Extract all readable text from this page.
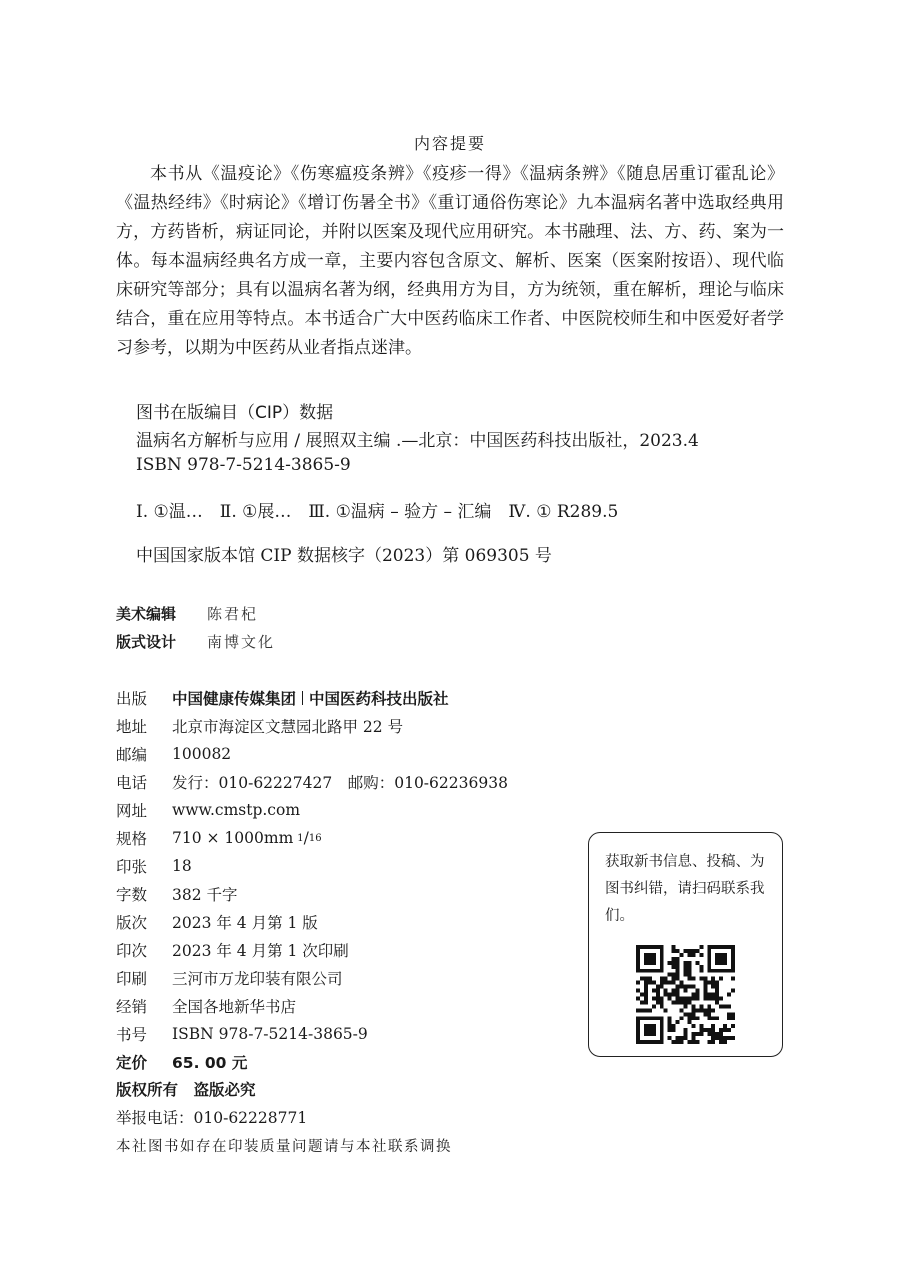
内容提要
本书从《温疫论》《伤寒瘟疫条辨》《疫疹一得》《温病条辨》《随息居重订霍乱论》《温热经纬》《时病论》《增订伤暑全书》《重订通俗伤寒论》九本温病名著中选取经典用方，方药皆析，病证同论，并附以医案及现代应用研究。本书融理、法、方、药、案为一体。每本温病经典名方成一章，主要内容包含原文、解析、医案（医案附按语）、现代临床研究等部分；具有以温病名著为纲，经典用方为目，方为统领，重在解析，理论与临床结合，重在应用等特点。本书适合广大中医药临床工作者、中医院校师生和中医爱好者学习参考，以期为中医药从业者指点迷津。
图书在版编目（CIP）数据
温病名方解析与应用 / 展照双主编 .—北京：中国医药科技出版社，2023.4
ISBN 978-7-5214-3865-9
Ⅰ. ①温…　Ⅱ. ①展…　Ⅲ. ①温病 – 验方 – 汇编　Ⅳ. ① R289.5
中国国家版本馆 CIP 数据核字（2023）第 069305 号
美术编辑 陈君杞
版式设计 南博文化
出版	中国健康传媒集团 中国医药科技出版社
地址	北京市海淀区文慧园北路甲 22 号
邮编	100082
电话	发行：010-62227427　邮购：010-62236938
网址	www.cmstp.com
规格	710 × 1000mm 1 / 16
印张	18
字数	382 千字
版次	2023 年 4 月第 1 版
印次	2023 年 4 月第 1 次印刷
印刷	三河市万龙印装有限公司
经销	全国各地新华书店
书号	ISBN 978-7-5214-3865-9
定价	65. 00 元
版权所有　盗版必究
举报电话：010-62228771
本社图书如存在印装质量问题请与本社联系调换
获取新书信息、投稿、为图书纠错，请扫码联系我们。
